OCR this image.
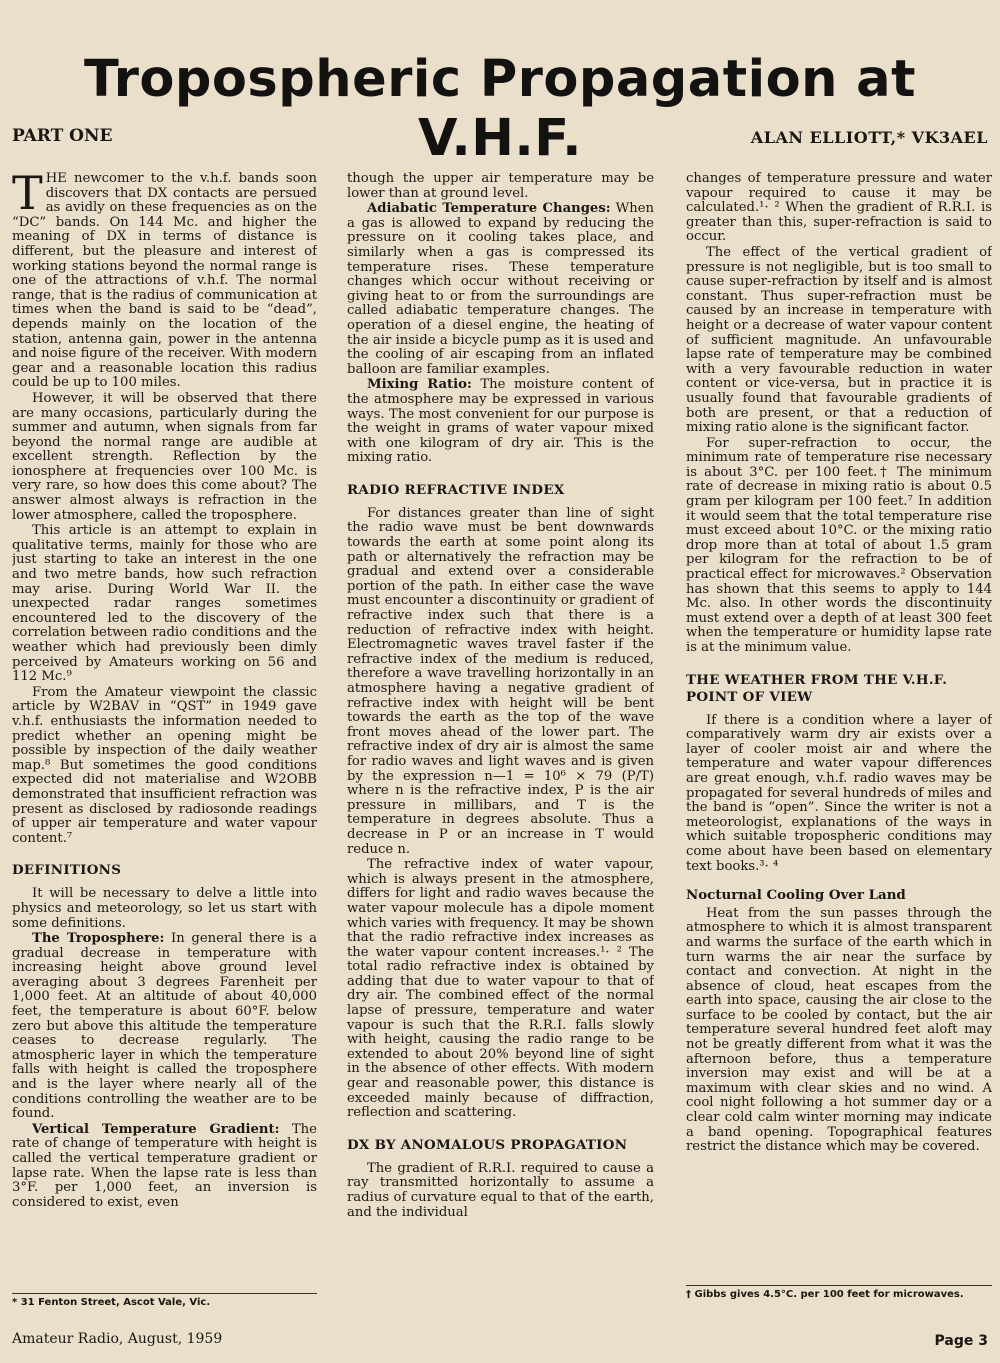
Tropospheric Propagation at V.H.F.
PART ONE	ALAN ELLIOTT,* VK3AEL

THE newcomer to the v.h.f. bands soon discovers that DX contacts are persued as avidly on these frequencies as on the “DC” bands. On 144 Mc. and higher the meaning of DX in terms of distance is different, but the pleasure and interest of working stations beyond the normal range is one of the attractions of v.h.f. The normal range, that is the radius of communication at times when the band is said to be “dead”, depends mainly on the location of the station, antenna gain, power in the antenna and noise figure of the receiver. With modern gear and a reasonable location this radius could be up to 100 miles.

However, it will be observed that there are many occasions, particularly during the summer and autumn, when signals from far beyond the normal range are audible at excellent strength. Reflection by the ionosphere at frequencies over 100 Mc. is very rare, so how does this come about? The answer almost always is refraction in the lower atmosphere, called the troposphere.

This article is an attempt to explain in qualitative terms, mainly for those who are just starting to take an interest in the one and two metre bands, how such refraction may arise. During World War II. the unexpected radar ranges sometimes encountered led to the discovery of the correlation between radio conditions and the weather which had previously been dimly perceived by Amateurs working on 56 and 112 Mc.⁹

From the Amateur viewpoint the classic article by W2BAV in “QST” in 1949 gave v.h.f. enthusiasts the information needed to predict whether an opening might be possible by inspection of the daily weather map.⁸ But sometimes the good conditions expected did not materialise and W2OBB demonstrated that insufficient refraction was present as disclosed by radiosonde readings of upper air temperature and water vapour content.⁷

DEFINITIONS

It will be necessary to delve a little into physics and meteorology, so let us start with some definitions.

The Troposphere: In general there is a gradual decrease in temperature with increasing height above ground level averaging about 3 degrees Farenheit per 1,000 feet. At an altitude of about 40,000 feet, the temperature is about 60°F. below zero but above this altitude the temperature ceases to decrease regularly. The atmospheric layer in which the temperature falls with height is called the troposphere and is the layer where nearly all of the conditions controlling the weather are to be found.

Vertical Temperature Gradient: The rate of change of temperature with height is called the vertical temperature gradient or lapse rate. When the lapse rate is less than 3°F. per 1,000 feet, an inversion is considered to exist, even

* 31 Fenton Street, Ascot Vale, Vic.

though the upper air temperature may be lower than at ground level.

Adiabatic Temperature Changes: When a gas is allowed to expand by reducing the pressure on it cooling takes place, and similarly when a gas is compressed its temperature rises. These temperature changes which occur without receiving or giving heat to or from the surroundings are called adiabatic temperature changes. The operation of a diesel engine, the heating of the air inside a bicycle pump as it is used and the cooling of air escaping from an inflated balloon are familiar examples.

Mixing Ratio: The moisture content of the atmosphere may be expressed in various ways. The most convenient for our purpose is the weight in grams of water vapour mixed with one kilogram of dry air. This is the mixing ratio.

RADIO REFRACTIVE INDEX

For distances greater than line of sight the radio wave must be bent downwards towards the earth at some point along its path or alternatively the refraction may be gradual and extend over a considerable portion of the path. In either case the wave must encounter a discontinuity or gradient of refractive index such that there is a reduction of refractive index with height. Electromagnetic waves travel faster if the refractive index of the medium is reduced, therefore a wave travelling horizontally in an atmosphere having a negative gradient of refractive index with height will be bent towards the earth as the top of the wave front moves ahead of the lower part. The refractive index of dry air is almost the same for radio waves and light waves and is given by the expression n—1 = 10⁶ × 79 (P/T) where n is the refractive index, P is the air pressure in millibars, and T is the temperature in degrees absolute. Thus a decrease in P or an increase in T would reduce n.

The refractive index of water vapour, which is always present in the atmosphere, differs for light and radio waves because the water vapour molecule has a dipole moment which varies with frequency. It may be shown that the radio refractive index increases as the water vapour content increases.¹· ² The total radio refractive index is obtained by adding that due to water vapour to that of dry air. The combined effect of the normal lapse of pressure, temperature and water vapour is such that the R.R.I. falls slowly with height, causing the radio range to be extended to about 20% beyond line of sight in the absence of other effects. With modern gear and reasonable power, this distance is exceeded mainly because of diffraction, reflection and scattering.

DX BY ANOMALOUS PROPAGATION

The gradient of R.R.I. required to cause a ray transmitted horizontally to assume a radius of curvature equal to that of the earth, and the individual

changes of temperature pressure and water vapour required to cause it may be calculated.¹· ² When the gradient of R.R.I. is greater than this, super-refraction is said to occur.

The effect of the vertical gradient of pressure is not negligible, but is too small to cause super-refraction by itself and is almost constant. Thus super-refraction must be caused by an increase in temperature with height or a decrease of water vapour content of sufficient magnitude. An unfavourable lapse rate of temperature may be combined with a very favourable reduction in water content or vice-versa, but in practice it is usually found that favourable gradients of both are present, or that a reduction of mixing ratio alone is the significant factor.

For super-refraction to occur, the minimum rate of temperature rise necessary is about 3°C. per 100 feet.† The minimum rate of decrease in mixing ratio is about 0.5 gram per kilogram per 100 feet.⁷ In addition it would seem that the total temperature rise must exceed about 10°C. or the mixing ratio drop more than at total of about 1.5 gram per kilogram for the refraction to be of practical effect for microwaves.² Observation has shown that this seems to apply to 144 Mc. also. In other words the discontinuity must extend over a depth of at least 300 feet when the temperature or humidity lapse rate is at the minimum value.

THE WEATHER FROM THE V.H.F. POINT OF VIEW

If there is a condition where a layer of comparatively warm dry air exists over a layer of cooler moist air and where the temperature and water vapour differences are great enough, v.h.f. radio waves may be propagated for several hundreds of miles and the band is “open”. Since the writer is not a meteorologist, explanations of the ways in which suitable tropospheric conditions may come about have been based on elementary text books.³· ⁴

Nocturnal Cooling Over Land

Heat from the sun passes through the atmosphere to which it is almost transparent and warms the surface of the earth which in turn warms the air near the surface by contact and convection. At night in the absence of cloud, heat escapes from the earth into space, causing the air close to the surface to be cooled by contact, but the air temperature several hundred feet aloft may not be greatly different from what it was the afternoon before, thus a temperature inversion may exist and will be at a maximum with clear skies and no wind. A cool night following a hot summer day or a clear cold calm winter morning may indicate a band opening. Topographical features restrict the distance which may be covered.

† Gibbs gives 4.5°C. per 100 feet for microwaves.
Amateur Radio, August, 1959	Page 3
